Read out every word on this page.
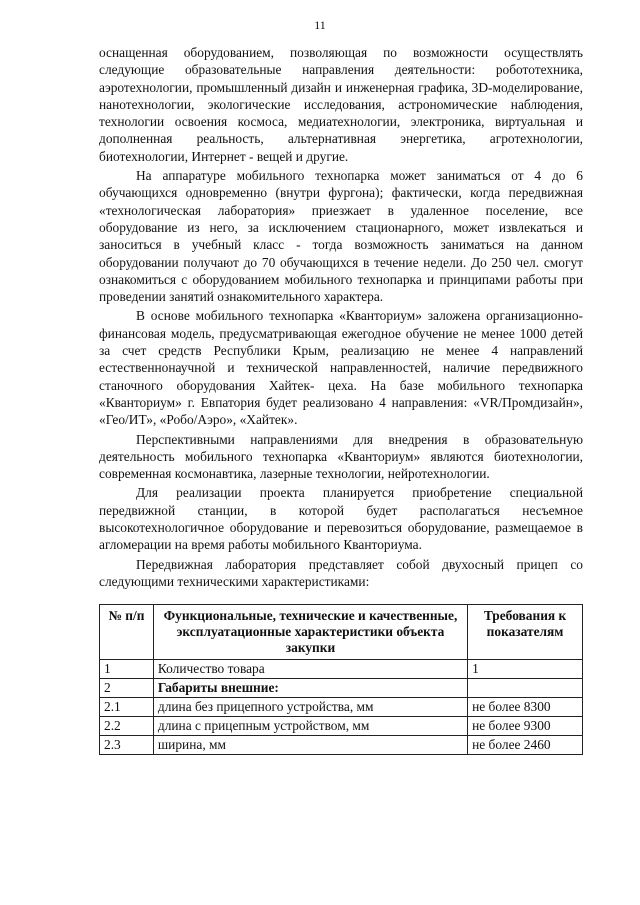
11

оснащенная оборудованием, позволяющая по возможности осуществлять следующие образовательные направления деятельности: робототехника, аэротехнологии, промышленный дизайн и инженерная графика, 3D-моделирование, нанотехнологии, экологические исследования, астрономические наблюдения, технологии освоения космоса, медиатехнологии, электроника, виртуальная и дополненная реальность, альтернативная энергетика, агротехнологии, биотехнологии, Интернет - вещей и другие.

На аппаратуре мобильного технопарка может заниматься от 4 до 6 обучающихся одновременно (внутри фургона); фактически, когда передвижная «технологическая лаборатория» приезжает в удаленное поселение, все оборудование из него, за исключением стационарного, может извлекаться и заноситься в учебный класс - тогда возможность заниматься на данном оборудовании получают до 70 обучающихся в течение недели. До 250 чел. смогут ознакомиться с оборудованием мобильного технопарка и принципами работы при проведении занятий ознакомительного характера.

В основе мобильного технопарка «Кванториум» заложена организационно-финансовая модель, предусматривающая ежегодное обучение не менее 1000 детей за счет средств Республики Крым, реализацию не менее 4 направлений естественнонаучной и технической направленностей, наличие передвижного станочного оборудования Хайтек- цеха. На базе мобильного технопарка «Кванториум» г. Евпатория будет реализовано 4 направления: «VR/Промдизайн», «Гео/ИТ», «Робо/Аэро», «Хайтек».

Перспективными направлениями для внедрения в образовательную деятельность мобильного технопарка «Кванториум» являются биотехнологии, современная космонавтика, лазерные технологии, нейротехнологии.

Для реализации проекта планируется приобретение специальной передвижной станции, в которой будет располагаться несъемное высокотехнологичное оборудование и перевозиться оборудование, размещаемое в агломерации на время работы мобильного Кванториума.

Передвижная лаборатория представляет собой двухосный прицеп со следующими техническими характеристиками:

№ п/п	Функциональные, технические и качественные, эксплуатационные характеристики объекта закупки	Требования к показателям
1	Количество товара	1
2	Габариты внешние:	
2.1	длина без прицепного устройства, мм	не более 8300
2.2	длина с прицепным устройством, мм	не более 9300
2.3	ширина, мм	не более 2460
